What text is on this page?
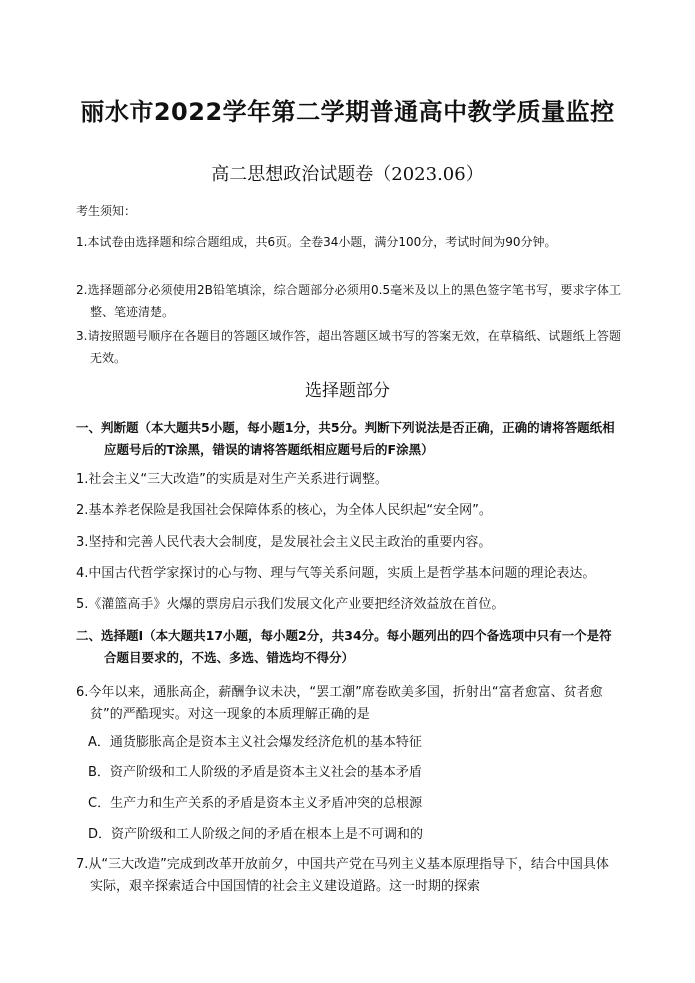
丽水市2022学年第二学期普通高中教学质量监控
高二思想政治试题卷（2023.06）
考生须知：
1.本试卷由选择题和综合题组成，共6页。全卷34小题，满分100分，考试时间为90分钟。
2.选择题部分必须使用2B铅笔填涂，综合题部分必须用0.5毫米及以上的黑色签字笔书写，要求字体工整、笔迹清楚。
3.请按照题号顺序在各题目的答题区域作答，超出答题区域书写的答案无效，在草稿纸、试题纸上答题无效。
选择题部分
一、判断题（本大题共5小题，每小题1分，共5分。判断下列说法是否正确，正确的请将答题纸相应题号后的T涂黑，错误的请将答题纸相应题号后的F涂黑）
1.社会主义“三大改造”的实质是对生产关系进行调整。
2.基本养老保险是我国社会保障体系的核心，为全体人民织起“安全网”。
3.坚持和完善人民代表大会制度，是发展社会主义民主政治的重要内容。
4.中国古代哲学家探讨的心与物、理与气等关系问题，实质上是哲学基本问题的理论表达。
5.《灌篮高手》火爆的票房启示我们发展文化产业要把经济效益放在首位。
二、选择题Ⅰ（本大题共17小题，每小题2分，共34分。每小题列出的四个备选项中只有一个是符合题目要求的，不选、多选、错选均不得分）
6.今年以来，通胀高企，薪酬争议未决，“罢工潮”席卷欧美多国，折射出“富者愈富、贫者愈贫”的严酷现实。对这一现象的本质理解正确的是
A．通货膨胀高企是资本主义社会爆发经济危机的基本特征
B．资产阶级和工人阶级的矛盾是资本主义社会的基本矛盾
C．生产力和生产关系的矛盾是资本主义矛盾冲突的总根源
D．资产阶级和工人阶级之间的矛盾在根本上是不可调和的
7.从“三大改造”完成到改革开放前夕，中国共产党在马列主义基本原理指导下，结合中国具体实际，艰辛探索适合中国国情的社会主义建设道路。这一时期的探索
